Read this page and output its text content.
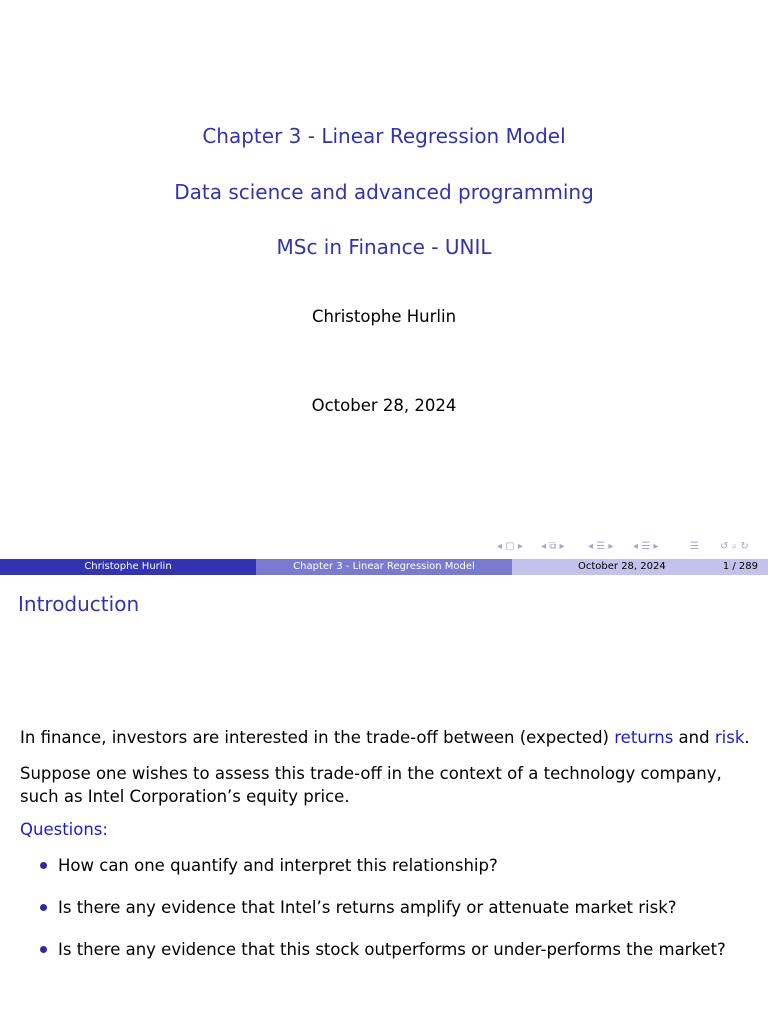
Chapter 3 - Linear Regression Model
Data science and advanced programming
MSc in Finance - UNIL
Christophe Hurlin
October 28, 2024
◂ ▢ ▸ ◂ ⧉ ▸ ◂ ☰ ▸ ◂ ☰ ▸	☰ ↺ ⌕ ↻
Christophe Hurlin	Chapter 3 - Linear Regression Model	October 28, 2024	1 / 289
Introduction
In finance, investors are interested in the trade-off between (expected) returns and risk.
Suppose one wishes to assess this trade-off in the context of a technology company, such as Intel Corporation’s equity price.
Questions:
How can one quantify and interpret this relationship?
Is there any evidence that Intel’s returns amplify or attenuate market risk?
Is there any evidence that this stock outperforms or under-performs the market?
